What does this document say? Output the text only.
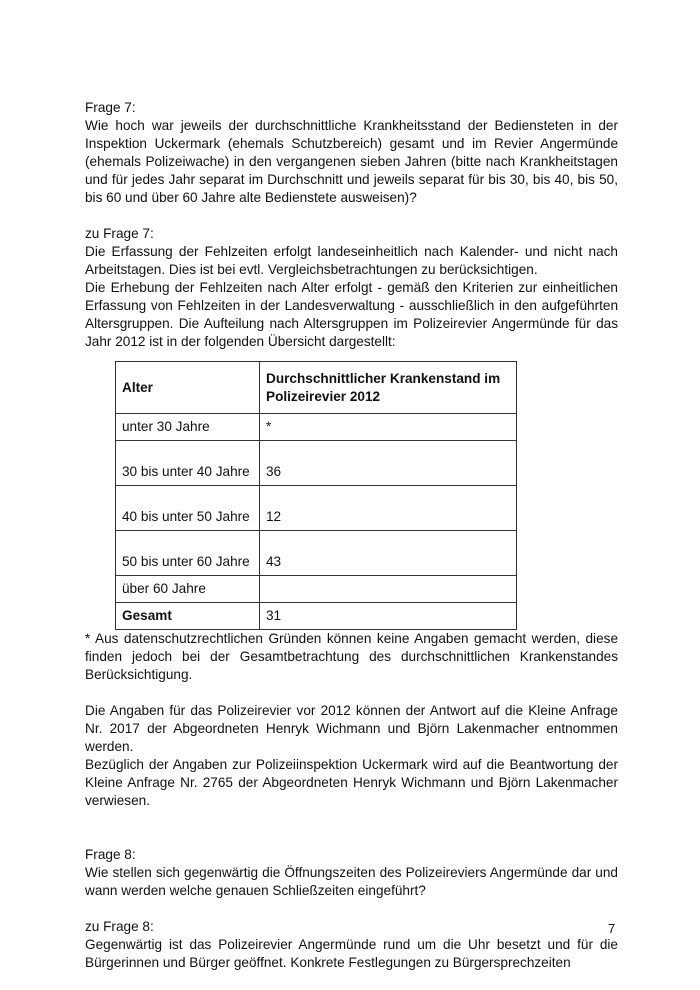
Frage 7:

Wie hoch war jeweils der durchschnittliche Krankheitsstand der Bediensteten in der Inspektion Uckermark (ehemals Schutzbereich) gesamt und im Revier Angermünde (ehemals Polizeiwache) in den vergangenen sieben Jahren (bitte nach Krankheitstagen und für jedes Jahr separat im Durchschnitt und jeweils separat für bis 30, bis 40, bis 50, bis 60 und über 60 Jahre alte Bedienstete ausweisen)?

zu Frage 7:

Die Erfassung der Fehlzeiten erfolgt landeseinheitlich nach Kalender- und nicht nach Arbeitstagen. Dies ist bei evtl. Vergleichsbetrachtungen zu berücksichtigen.

Die Erhebung der Fehlzeiten nach Alter erfolgt - gemäß den Kriterien zur einheitlichen Erfassung von Fehlzeiten in der Landesverwaltung - ausschließlich in den aufgeführten Altersgruppen. Die Aufteilung nach Altersgruppen im Polizeirevier Angermünde für das Jahr 2012 ist in der folgenden Übersicht dargestellt:

Alter	Durchschnittlicher Krankenstand im Polizeirevier 2012
unter 30 Jahre	*
30 bis unter 40 Jahre	36
40 bis unter 50 Jahre	12
50 bis unter 60 Jahre	43
über 60 Jahre	
Gesamt	31

* Aus datenschutzrechtlichen Gründen können keine Angaben gemacht werden, diese finden jedoch bei der Gesamtbetrachtung des durchschnittlichen Krankenstandes Berücksichtigung.

Die Angaben für das Polizeirevier vor 2012 können der Antwort auf die Kleine Anfrage Nr. 2017 der Abgeordneten Henryk Wichmann und Björn Lakenmacher entnommen werden.

Bezüglich der Angaben zur Polizeiinspektion Uckermark wird auf die Beantwortung der Kleine Anfrage Nr. 2765 der Abgeordneten Henryk Wichmann und Björn Lakenmacher verwiesen.

Frage 8:

Wie stellen sich gegenwärtig die Öffnungszeiten des Polizeireviers Angermünde dar und wann werden welche genauen Schließzeiten eingeführt?

zu Frage 8:

Gegenwärtig ist das Polizeirevier Angermünde rund um die Uhr besetzt und für die Bürgerinnen und Bürger geöffnet. Konkrete Festlegungen zu Bürgersprechzeiten

7
